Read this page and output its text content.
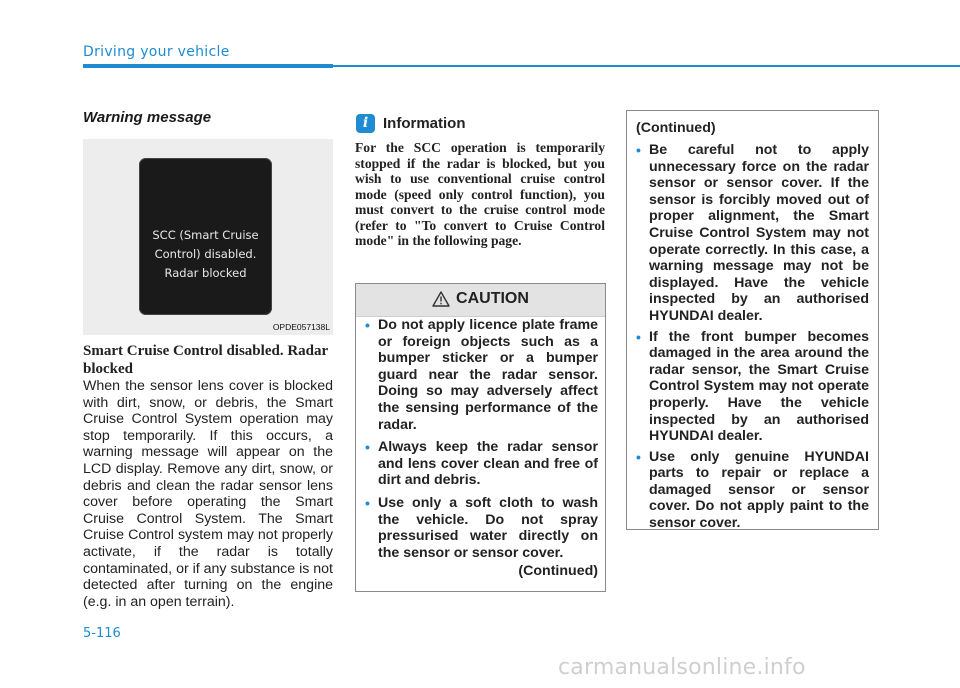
Driving your vehicle
Warning message
SCC (Smart Cruise
Control) disabled.
Radar blocked
OPDE057138L
Smart Cruise Control disabled. Radar blocked
When the sensor lens cover is blocked with dirt, snow, or debris, the Smart Cruise Control System operation may stop temporarily. If this occurs, a warning message will appear on the LCD display. Remove any dirt, snow, or debris and clean the radar sensor lens cover before operating the Smart Cruise Control System. The Smart Cruise Control system may not properly activate, if the radar is totally contaminated, or if any substance is not detected after turning on the engine (e.g. in an open terrain).
5-116
i Information
For the SCC operation is temporarily stopped if the radar is blocked, but you wish to use conventional cruise control mode (speed only control function), you must convert to the cruise control mode (refer to "To convert to Cruise Control mode" in the following page.
CAUTION
• Do not apply licence plate frame or foreign objects such as a bumper sticker or a bumper guard near the radar sensor. Doing so may adversely affect the sensing performance of the radar.
• Always keep the radar sensor and lens cover clean and free of dirt and debris.
• Use only a soft cloth to wash the vehicle. Do not spray pressurised water directly on the sensor or sensor cover.
(Continued)
(Continued)
• Be careful not to apply unnecessary force on the radar sensor or sensor cover. If the sensor is forcibly moved out of proper alignment, the Smart Cruise Control System may not operate correctly. In this case, a warning message may not be displayed. Have the vehicle inspected by an authorised HYUNDAI dealer.
• If the front bumper becomes damaged in the area around the radar sensor, the Smart Cruise Control System may not operate properly. Have the vehicle inspected by an authorised HYUNDAI dealer.
• Use only genuine HYUNDAI parts to repair or replace a damaged sensor or sensor cover. Do not apply paint to the sensor cover.
carmanualsonline.info
